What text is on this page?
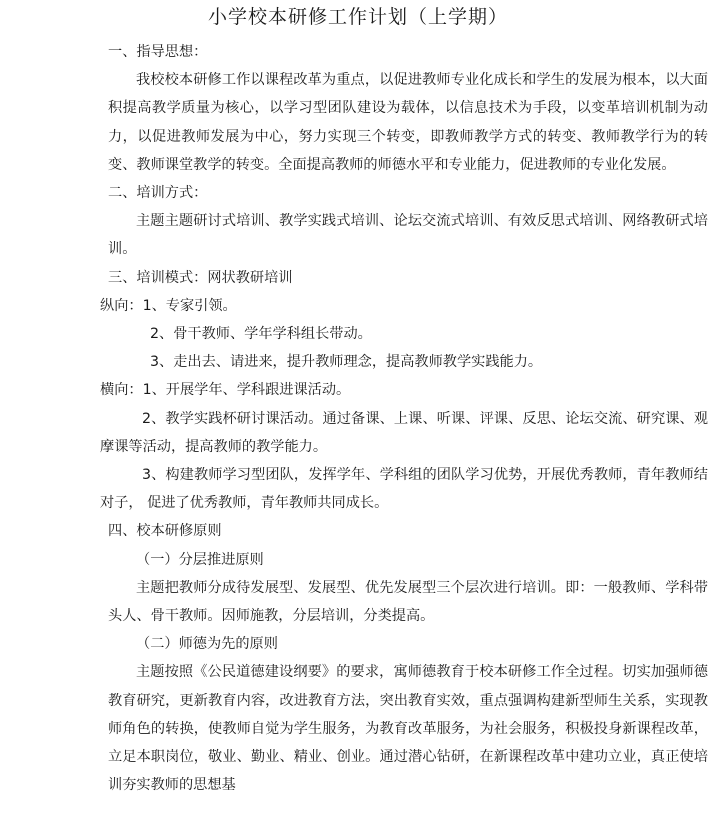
小学校本研修工作计划（上学期）

一、指导思想：

我校校本研修工作以课程改革为重点，以促进教师专业化成长和学生的发展为根本，以大面积提高教学质量为核心，以学习型团队建设为载体，以信息技术为手段，以变革培训机制为动力，以促进教师发展为中心，努力实现三个转变，即教师教学方式的转变、教师教学行为的转变、教师课堂教学的转变。全面提高教师的师德水平和专业能力，促进教师的专业化发展。

二、培训方式：

主题主题研讨式培训、教学实践式培训、论坛交流式培训、有效反思式培训、网络教研式培训。

三、培训模式：网状教研培训

纵向：1、专家引领。

2、骨干教师、学年学科组长带动。

3、走出去、请进来，提升教师理念，提高教师教学实践能力。

横向：1、开展学年、学科跟进课活动。

2、教学实践杯研讨课活动。通过备课、上课、听课、评课、反思、论坛交流、研究课、观摩课等活动，提高教师的教学能力。

3、构建教师学习型团队，发挥学年、学科组的团队学习优势，开展优秀教师，青年教师结对子， 促进了优秀教师，青年教师共同成长。

四、校本研修原则

（一）分层推进原则

主题把教师分成待发展型、发展型、优先发展型三个层次进行培训。即：一般教师、学科带头人、骨干教师。因师施教，分层培训，分类提高。

（二）师德为先的原则

主题按照《公民道德建设纲要》的要求，寓师德教育于校本研修工作全过程。切实加强师德教育研究，更新教育内容，改进教育方法，突出教育实效，重点强调构建新型师生关系，实现教师角色的转换，使教师自觉为学生服务，为教育改革服务，为社会服务，积极投身新课程改革，立足本职岗位，敬业、勤业、精业、创业。通过潜心钻研，在新课程改革中建功立业，真正使培训夯实教师的思想基
